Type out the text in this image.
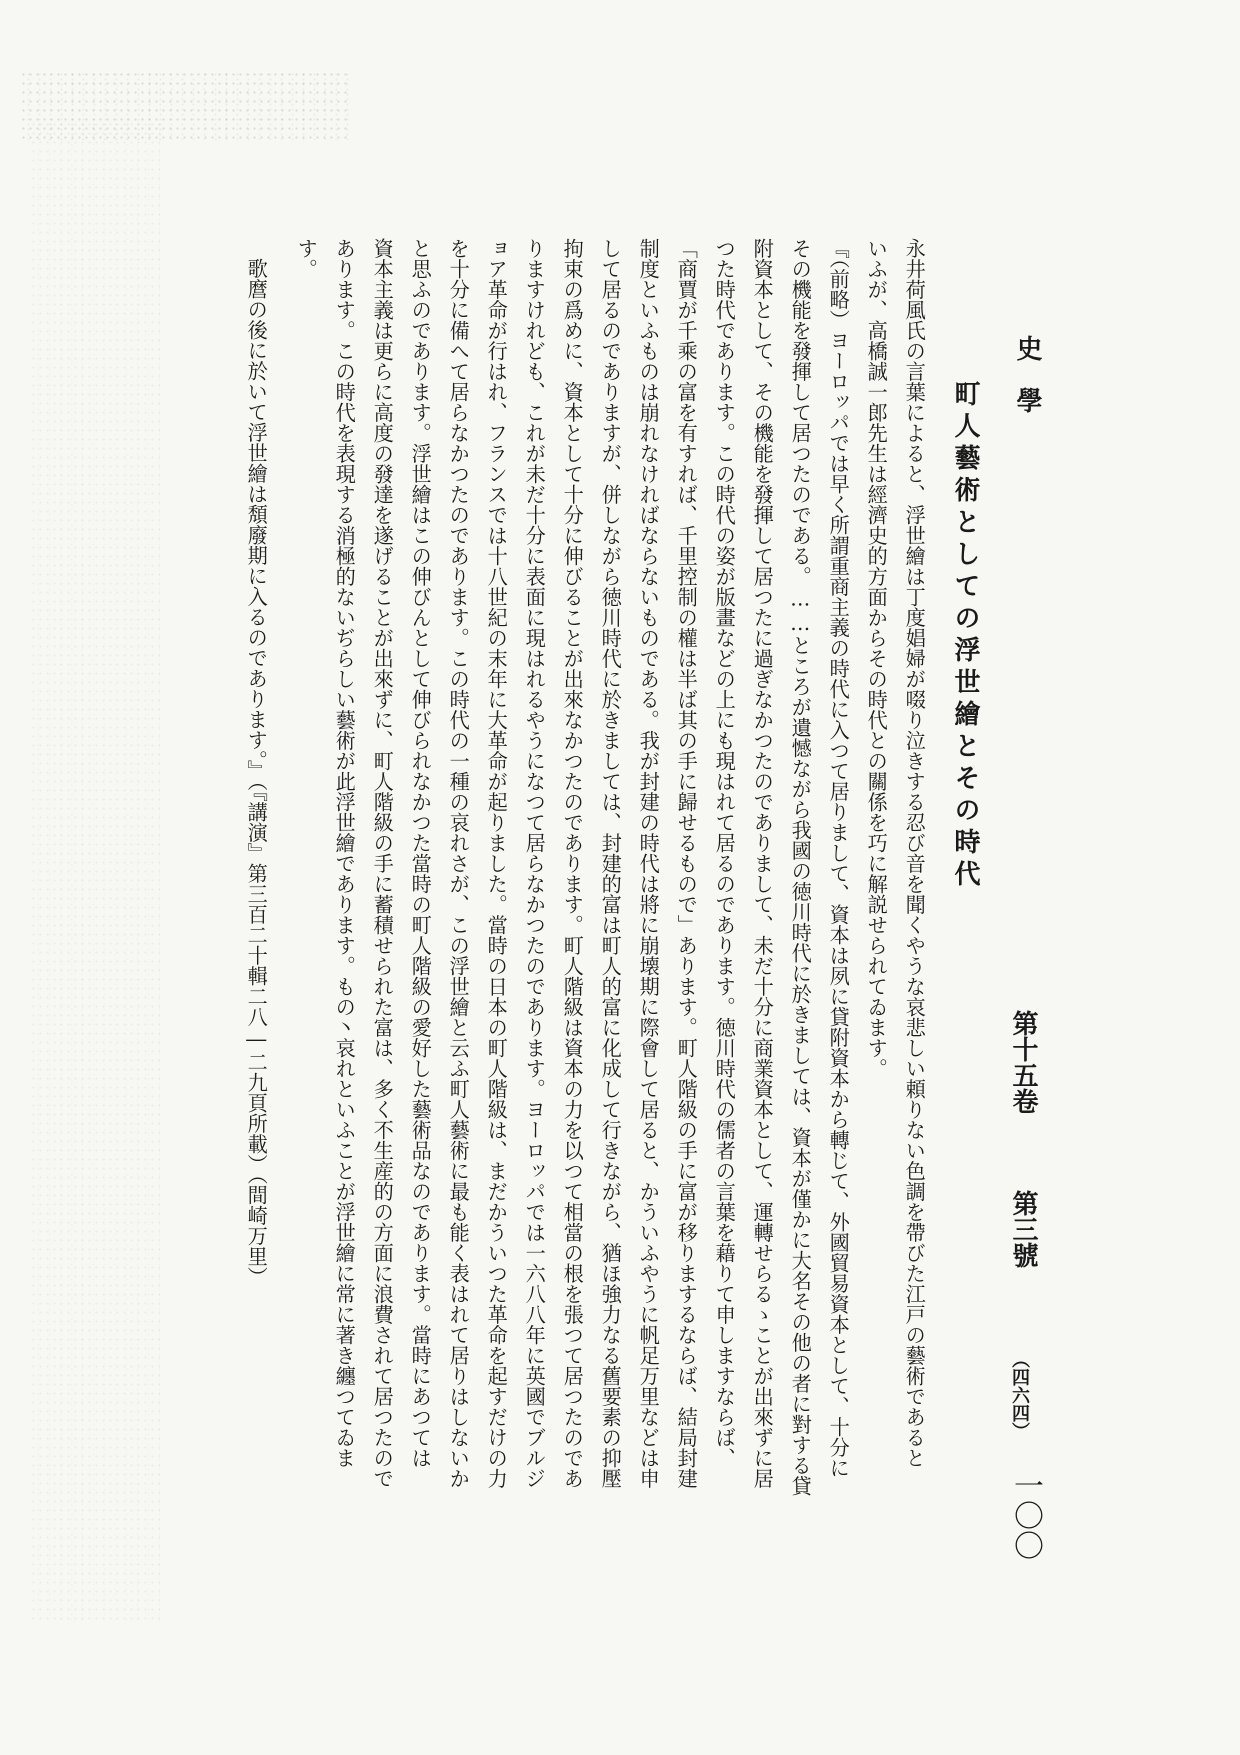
史　學
第十五卷
第三號
（四六四）
一〇〇
町人藝術としての浮世繪とその時代
永井荷風氏の言葉によると、浮世繪は丁度娼婦が啜り泣きする忍び音を聞くやうな哀悲しい頼りない色調を帶びた江戸の藝術であると
いふが、高橋誠一郎先生は經濟史的方面からその時代との關係を巧に解説せられてゐます。
『（前略）ヨーロッパでは早く所謂重商主義の時代に入つて居りまして、資本は夙に貸附資本から轉じて、外國貿易資本として、十分に
その機能を發揮して居つたのである。……ところが遺憾ながら我國の徳川時代に於きましては、資本が僅かに大名その他の者に對する貸
附資本として、その機能を發揮して居つたに過ぎなかつたのでありまして、未だ十分に商業資本として、運轉せらるゝことが出來ずに居
つた時代であります。この時代の姿が版畫などの上にも現はれて居るのであります。徳川時代の儒者の言葉を藉りて申しますならば、
「商賈が千乘の富を有すれば、千里控制の權は半ば其の手に歸せるもので」あります。町人階級の手に富が移りまするならば、結局封建
制度といふものは崩れなければならないものである。我が封建の時代は將に崩壊期に際會して居ると、かういふやうに帆足万里などは申
して居るのでありますが、併しながら徳川時代に於きましては、封建的富は町人的富に化成して行きながら、猶ほ強力なる舊要素の抑壓
拘束の爲めに、資本として十分に伸びることが出來なかつたのであります。町人階級は資本の力を以つて相當の根を張つて居つたのであ
りますけれども、これが未だ十分に表面に現はれるやうになつて居らなかつたのであります。ヨーロッパでは一六八八年に英國でブルジ
ョア革命が行はれ、フランスでは十八世紀の末年に大革命が起りました。當時の日本の町人階級は、まだかういつた革命を起すだけの力
を十分に備へて居らなかつたのであります。この時代の一種の哀れさが、この浮世繪と云ふ町人藝術に最も能く表はれて居りはしないか
と思ふのであります。浮世繪はこの伸びんとして伸びられなかつた當時の町人階級の愛好した藝術品なのであります。當時にあつては
資本主義は更らに高度の發達を遂げることが出來ずに、町人階級の手に蓄積せられた富は、多く不生産的の方面に浪費されて居つたので
あります。この時代を表現する消極的ないぢらしい藝術が此浮世繪であります。もの丶哀れといふことが浮世繪に常に著き纏つてゐま
す。
歌麿の後に於いて浮世繪は頽廢期に入るのであります。』（『講演』第三百二十輯二八―二九頁所載）（間崎万里）
